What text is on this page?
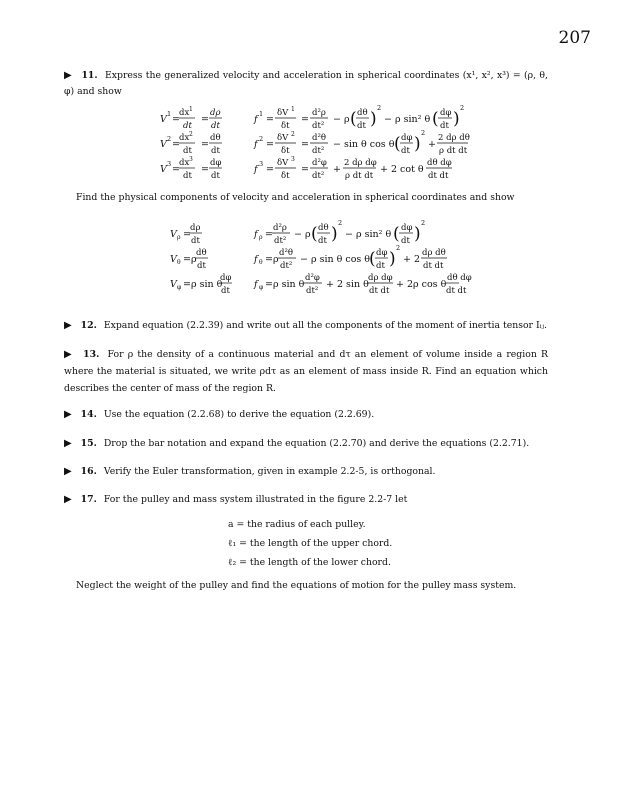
207
▶ 11. Express the generalized velocity and acceleration in spherical coordinates (x¹, x², x³) = (ρ, θ, φ) and show
V 1 =
dx 1
dt
=
dρ
dt
f 1 =
δV 1
δt
=
d²ρ
dt²
− ρ ( dθ
dt )
2
− ρ sin² θ ( dφ
dt )
2
V 2 =
dx 2
dt
=
dθ
dt
f 2 =
δV 2
δt
=
d²θ
dt²
− sin θ cos θ ( dφ
dt )
2
+
2 dρ dθ
ρ dt dt
V 3 =
dx 3
dt
=
dφ
dt
f 3 =
δV 3
δt
=
d²φ
dt²
+
2 dρ dφ
ρ dt dt
+ 2 cot θ
dθ dφ
dt dt
Find the physical components of velocity and acceleration in spherical coordinates and show
V ρ =
dρ
dt
f ρ =
d²ρ
dt²
− ρ ( dθ
dt )
2
− ρ sin² θ ( dφ
dt )
2
V θ =ρ
dθ
dt
f θ =ρ
d²θ
dt²
− ρ sin θ cos θ
( dφ
dt )
2
+ 2
dρ dθ
dt dt
V φ =ρ sin θ
dφ
dt
f φ =ρ sin θ
d²φ
dt²
+ 2 sin θ
dρ dφ
dt dt
+ 2ρ cos θ
dθ dφ
dt dt
▶ 12. Expand equation (2.2.39) and write out all the components of the moment of inertia tensor Iᵢⱼ.
▶ 13. For ρ the density of a continuous material and dτ an element of volume inside a region R where the material is situated, we write ρdτ as an element of mass inside R. Find an equation which describes the center of mass of the region R.
▶ 14. Use the equation (2.2.68) to derive the equation (2.2.69).
▶ 15. Drop the bar notation and expand the equation (2.2.70) and derive the equations (2.2.71).
▶ 16. Verify the Euler transformation, given in example 2.2-5, is orthogonal.
▶ 17. For the pulley and mass system illustrated in the figure 2.2-7 let
a = the radius of each pulley.
ℓ₁ = the length of the upper chord.
ℓ₂ = the length of the lower chord.
Neglect the weight of the pulley and find the equations of motion for the pulley mass system.
